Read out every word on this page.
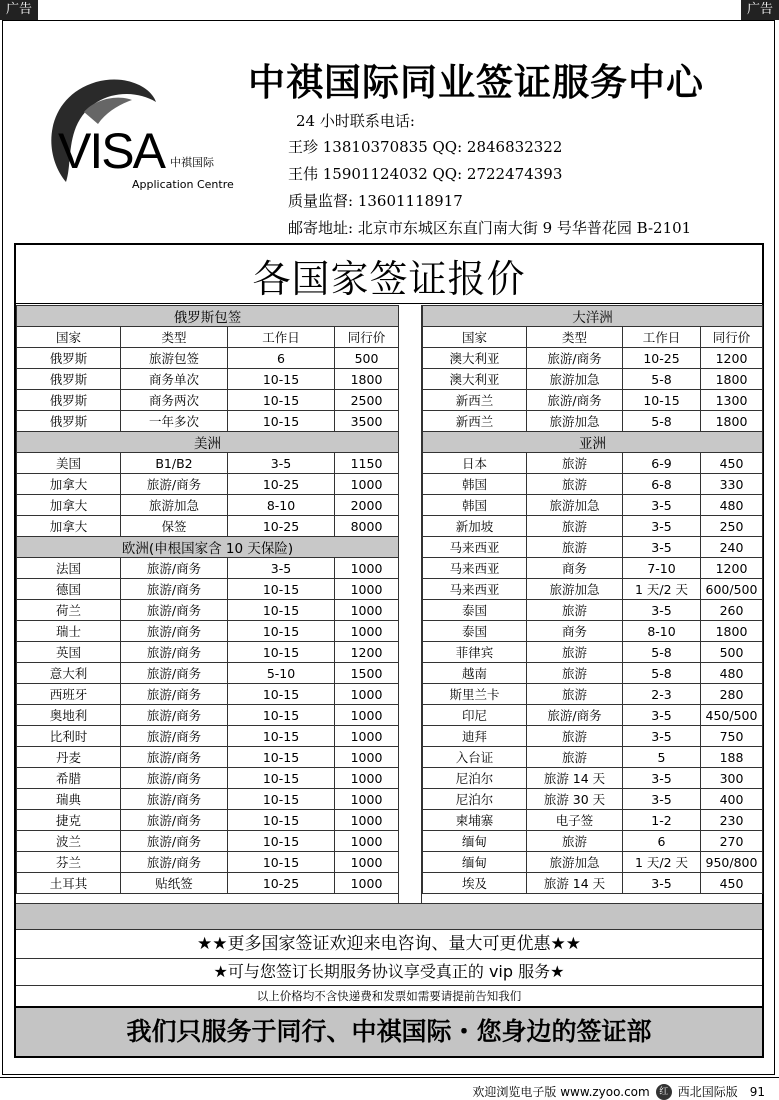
广告	广告
VISA 中祺国际
Application Centre
中祺国际同业签证服务中心
24 小时联系电话:
王珍 13810370835 QQ: 2846832322
王伟 15901124032 QQ: 2722474393
质量监督: 13601118917
邮寄地址: 北京市东城区东直门南大街 9 号华普花园 B-2101
各国家签证报价
俄罗斯包签			
国家	类型	工作日	同行价
俄罗斯	旅游包签	6	500
俄罗斯	商务单次	10-15	1800
俄罗斯	商务两次	10-15	2500
俄罗斯	一年多次	10-15	3500
美洲			
美国	B1/B2	3-5	1150
加拿大	旅游/商务	10-25	1000
加拿大	旅游加急	8-10	2000
加拿大	保签	10-25	8000
欧洲(申根国家含 10 天保险)			
法国	旅游/商务	3-5	1000
德国	旅游/商务	10-15	1000
荷兰	旅游/商务	10-15	1000
瑞士	旅游/商务	10-15	1000
英国	旅游/商务	10-15	1200
意大利	旅游/商务	5-10	1500
西班牙	旅游/商务	10-15	1000
奥地利	旅游/商务	10-15	1000
比利时	旅游/商务	10-15	1000
丹麦	旅游/商务	10-15	1000
希腊	旅游/商务	10-15	1000
瑞典	旅游/商务	10-15	1000
捷克	旅游/商务	10-15	1000
波兰	旅游/商务	10-15	1000
芬兰	旅游/商务	10-15	1000
土耳其	贴纸签	10-25	1000
大洋洲			
国家	类型	工作日	同行价
澳大利亚	旅游/商务	10-25	1200
澳大利亚	旅游加急	5-8	1800
新西兰	旅游/商务	10-15	1300
新西兰	旅游加急	5-8	1800
亚洲			
日本	旅游	6-9	450
韩国	旅游	6-8	330
韩国	旅游加急	3-5	480
新加坡	旅游	3-5	250
马来西亚	旅游	3-5	240
马来西亚	商务	7-10	1200
马来西亚	旅游加急	1 天/2 天	600/500
泰国	旅游	3-5	260
泰国	商务	8-10	1800
菲律宾	旅游	5-8	500
越南	旅游	5-8	480
斯里兰卡	旅游	2-3	280
印尼	旅游/商务	3-5	450/500
迪拜	旅游	3-5	750
入台证	旅游	5	188
尼泊尔	旅游 14 天	3-5	300
尼泊尔	旅游 30 天	3-5	400
柬埔寨	电子签	1-2	230
缅甸	旅游	6	270
缅甸	旅游加急	1 天/2 天	950/800
埃及	旅游 14 天	3-5	450
★★更多国家签证欢迎来电咨询、量大可更优惠★★
★可与您签订长期服务协议享受真正的 vip 服务★
以上价格均不含快递费和发票如需要请提前告知我们
我们只服务于同行、中祺国际・您身边的签证部
欢迎浏览电子版 www.zyoo.com	红 西北国际版 91
